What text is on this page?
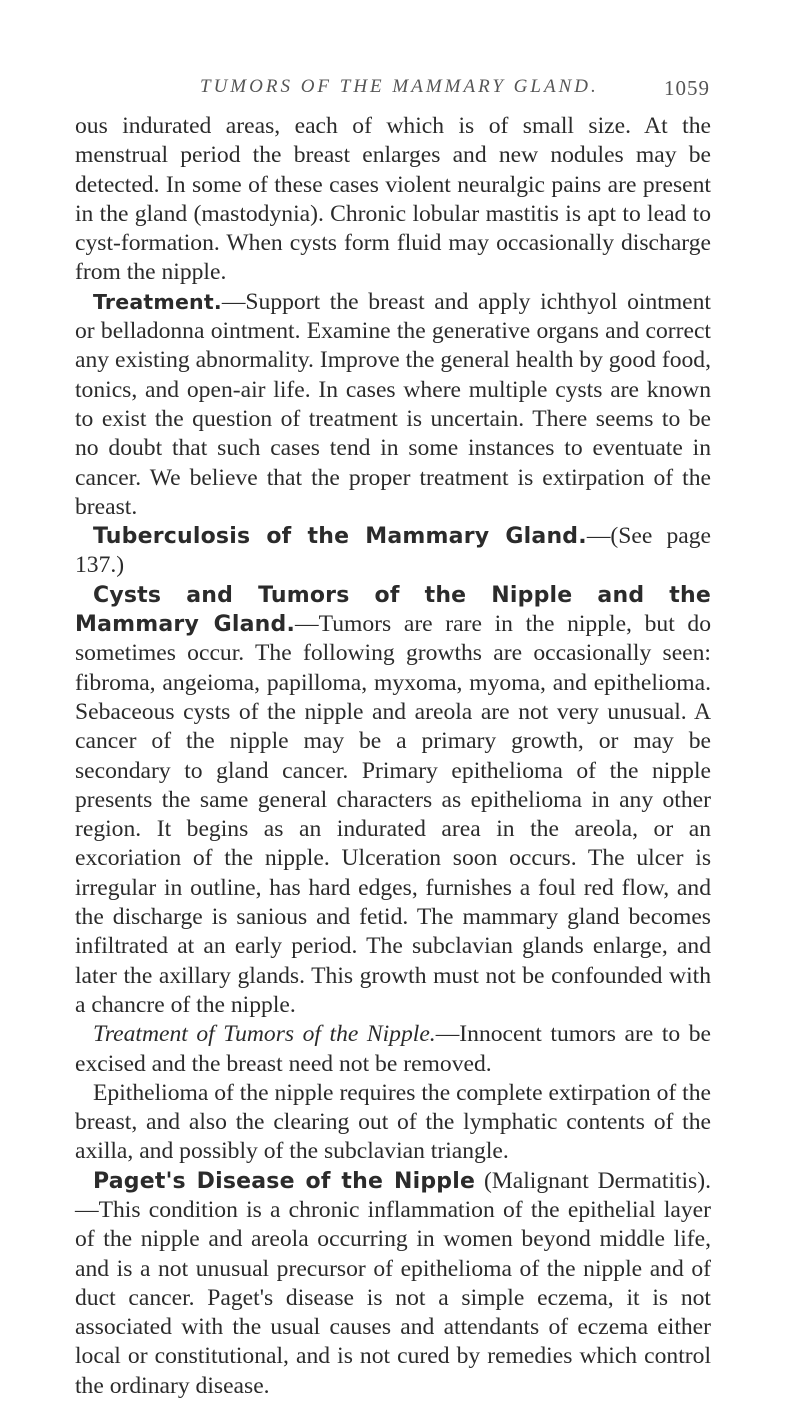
TUMORS OF THE MAMMARY GLAND.	1059

ous indurated areas, each of which is of small size. At the menstrual period the breast enlarges and new nodules may be detected. In some of these cases violent neuralgic pains are present in the gland (mastodynia). Chronic lobular mastitis is apt to lead to cyst-formation. When cysts form fluid may occasionally discharge from the nipple.

Treatment.—Support the breast and apply ichthyol ointment or belladonna ointment. Examine the generative organs and correct any existing abnormality. Improve the general health by good food, tonics, and open-air life. In cases where multiple cysts are known to exist the question of treatment is uncertain. There seems to be no doubt that such cases tend in some instances to eventuate in cancer. We believe that the proper treatment is extirpation of the breast.

Tuberculosis of the Mammary Gland.—(See page 137.)

Cysts and Tumors of the Nipple and the Mammary Gland.—Tumors are rare in the nipple, but do sometimes occur. The following growths are occasionally seen: fibroma, angeioma, papilloma, myxoma, myoma, and epithelioma. Sebaceous cysts of the nipple and areola are not very unusual. A cancer of the nipple may be a primary growth, or may be secondary to gland cancer. Primary epithelioma of the nipple presents the same general characters as epithelioma in any other region. It begins as an indurated area in the areola, or an excoriation of the nipple. Ulceration soon occurs. The ulcer is irregular in outline, has hard edges, furnishes a foul red flow, and the discharge is sanious and fetid. The mammary gland becomes infiltrated at an early period. The subclavian glands enlarge, and later the axillary glands. This growth must not be confounded with a chancre of the nipple.

Treatment of Tumors of the Nipple.—Innocent tumors are to be excised and the breast need not be removed.

Epithelioma of the nipple requires the complete extirpation of the breast, and also the clearing out of the lymphatic contents of the axilla, and possibly of the subclavian triangle.

Paget's Disease of the Nipple (Malignant Dermatitis).—This condition is a chronic inflammation of the epithelial layer of the nipple and areola occurring in women beyond middle life, and is a not unusual precursor of epithelioma of the nipple and of duct cancer. Paget's disease is not a simple eczema, it is not associated with the usual causes and attendants of eczema either local or constitutional, and is not cured by remedies which control the ordinary disease.
